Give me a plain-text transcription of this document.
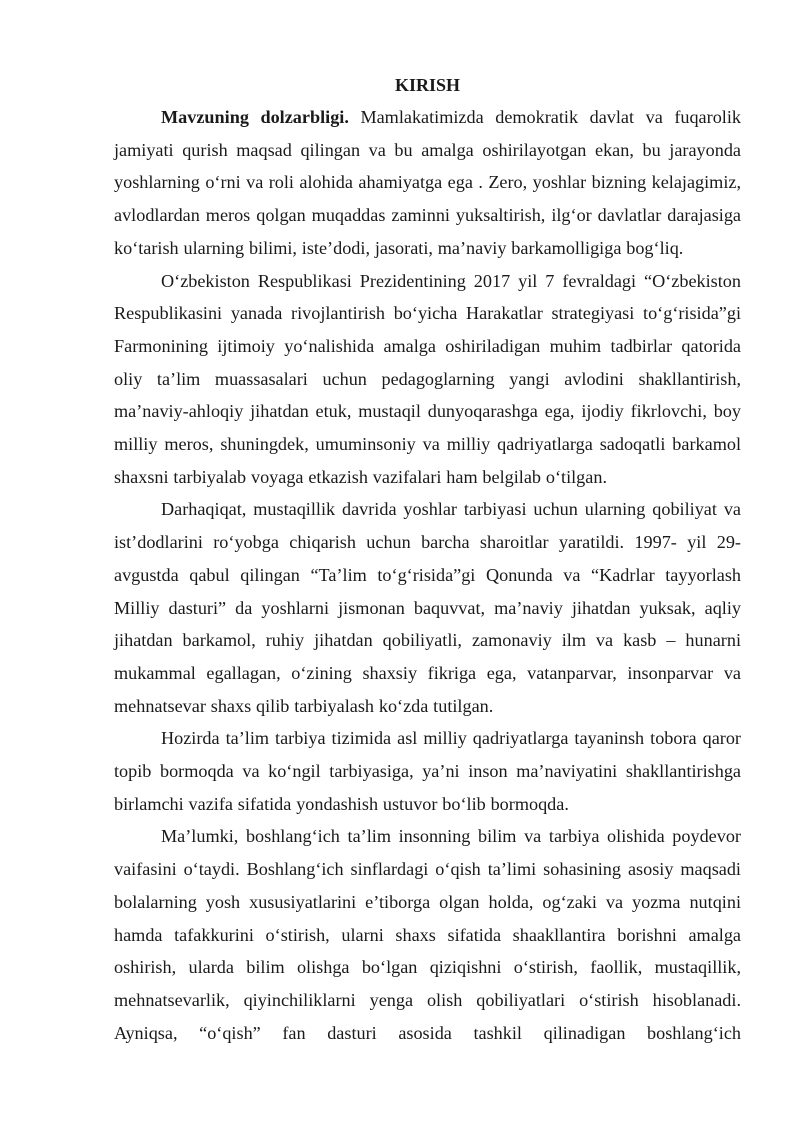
KIRISH

Mavzuning dolzarbligi. Mamlakatimizda demokratik davlat va fuqarolik jamiyati qurish maqsad qilingan va bu amalga oshirilayotgan ekan, bu jarayonda yoshlarning o‘rni va roli alohida ahamiyatga ega . Zero, yoshlar bizning kelajagimiz, avlodlardan meros qolgan muqaddas zaminni yuksaltirish, ilg‘or davlatlar darajasiga ko‘tarish ularning bilimi, iste’dodi, jasorati, ma’naviy barkamolligiga bog‘liq.

O‘zbekiston Respublikasi Prezidentining 2017 yil 7 fevraldagi “O‘zbekiston Respublikasini yanada rivojlantirish bo‘yicha Harakatlar strategiyasi to‘g‘risida”gi Farmonining ijtimoiy yo‘nalishida amalga oshiriladigan muhim tadbirlar qatorida oliy ta’lim muassasalari uchun pedagoglarning yangi avlodini shakllantirish, ma’naviy-ahloqiy jihatdan etuk, mustaqil dunyoqarashga ega, ijodiy fikrlovchi, boy milliy meros, shuningdek, umuminsoniy va milliy qadriyatlarga sadoqatli barkamol shaxsni tarbiyalab voyaga etkazish vazifalari ham belgilab o‘tilgan.

Darhaqiqat, mustaqillik davrida yoshlar tarbiyasi uchun ularning qobiliyat va ist’dodlarini ro‘yobga chiqarish uchun barcha sharoitlar yaratildi. 1997- yil 29-avgustda qabul qilingan “Ta’lim to‘g‘risida”gi Qonunda va “Kadrlar tayyorlash Milliy dasturi” da yoshlarni jismonan baquvvat, ma’naviy jihatdan yuksak, aqliy jihatdan barkamol, ruhiy jihatdan qobiliyatli, zamonaviy ilm va kasb – hunarni mukammal egallagan, o‘zining shaxsiy fikriga ega, vatanparvar, insonparvar va mehnatsevar shaxs qilib tarbiyalash ko‘zda tutilgan.

Hozirda ta’lim tarbiya tizimida asl milliy qadriyatlarga tayaninsh tobora qaror topib bormoqda va ko‘ngil tarbiyasiga, ya’ni inson ma’naviyatini shakllantirishga birlamchi vazifa sifatida yondashish ustuvor bo‘lib bormoqda.

Ma’lumki, boshlang‘ich ta’lim insonning bilim va tarbiya olishida poydevor vaifasini o‘taydi. Boshlang‘ich sinflardagi o‘qish ta’limi sohasining asosiy maqsadi bolalarning yosh xususiyatlarini e’tiborga olgan holda, og‘zaki va yozma nutqini hamda tafakkurini o‘stirish, ularni shaxs sifatida shaakllantira borishni amalga oshirish, ularda bilim olishga bo‘lgan qiziqishni o‘stirish, faollik, mustaqillik, mehnatsevarlik, qiyinchiliklarni yenga olish qobiliyatlari o‘stirish hisoblanadi. Ayniqsa, “o‘qish” fan dasturi asosida tashkil qilinadigan boshlang‘ich
